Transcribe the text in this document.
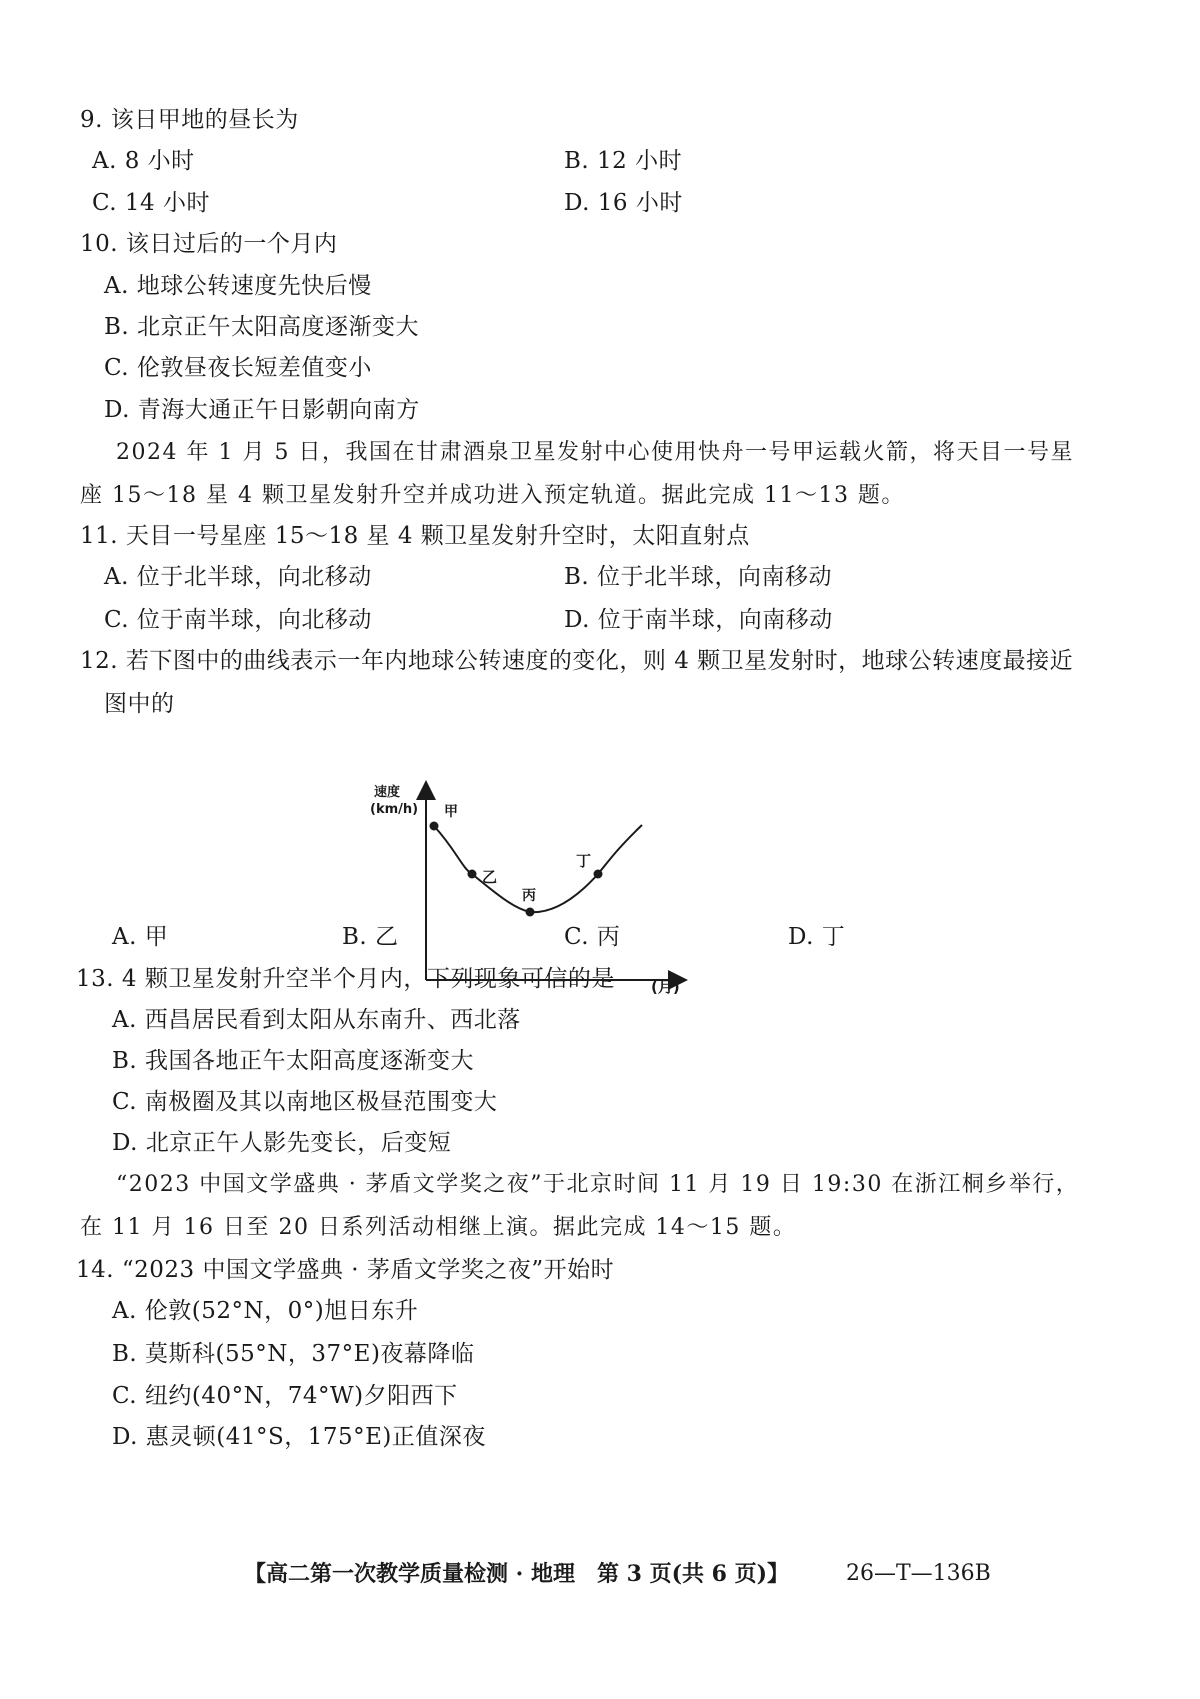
9. 该日甲地的昼长为
A. 8 小时	B. 12 小时
C. 14 小时	D. 16 小时
10. 该日过后的一个月内
A. 地球公转速度先快后慢
B. 北京正午太阳高度逐渐变大
C. 伦敦昼夜长短差值变小
D. 青海大通正午日影朝向南方
2024 年 1 月 5 日，我国在甘肃酒泉卫星发射中心使用快舟一号甲运载火箭，将天目一号星
座 15～18 星 4 颗卫星发射升空并成功进入预定轨道。据此完成 11～13 题。
11. 天目一号星座 15～18 星 4 颗卫星发射升空时，太阳直射点
A. 位于北半球，向北移动	B. 位于北半球，向南移动
C. 位于南半球，向北移动	D. 位于南半球，向南移动
12. 若下图中的曲线表示一年内地球公转速度的变化，则 4 颗卫星发射时，地球公转速度最接近
图中的
速度
(km/h)
(月)
甲
乙
丙
丁
A. 甲	B. 乙	C. 丙	D. 丁
13. 4 颗卫星发射升空半个月内，下列现象可信的是
A. 西昌居民看到太阳从东南升、西北落
B. 我国各地正午太阳高度逐渐变大
C. 南极圈及其以南地区极昼范围变大
D. 北京正午人影先变长，后变短
“2023 中国文学盛典 · 茅盾文学奖之夜”于北京时间 11 月 19 日 19:30 在浙江桐乡举行，
在 11 月 16 日至 20 日系列活动相继上演。据此完成 14～15 题。
14. “2023 中国文学盛典 · 茅盾文学奖之夜”开始时
A. 伦敦(52°N，0°)旭日东升
B. 莫斯科(55°N，37°E)夜幕降临
C. 纽约(40°N，74°W)夕阳西下
D. 惠灵顿(41°S，175°E)正值深夜
【高二第一次教学质量检测 · 地理　第 3 页(共 6 页)】	26—T—136B
